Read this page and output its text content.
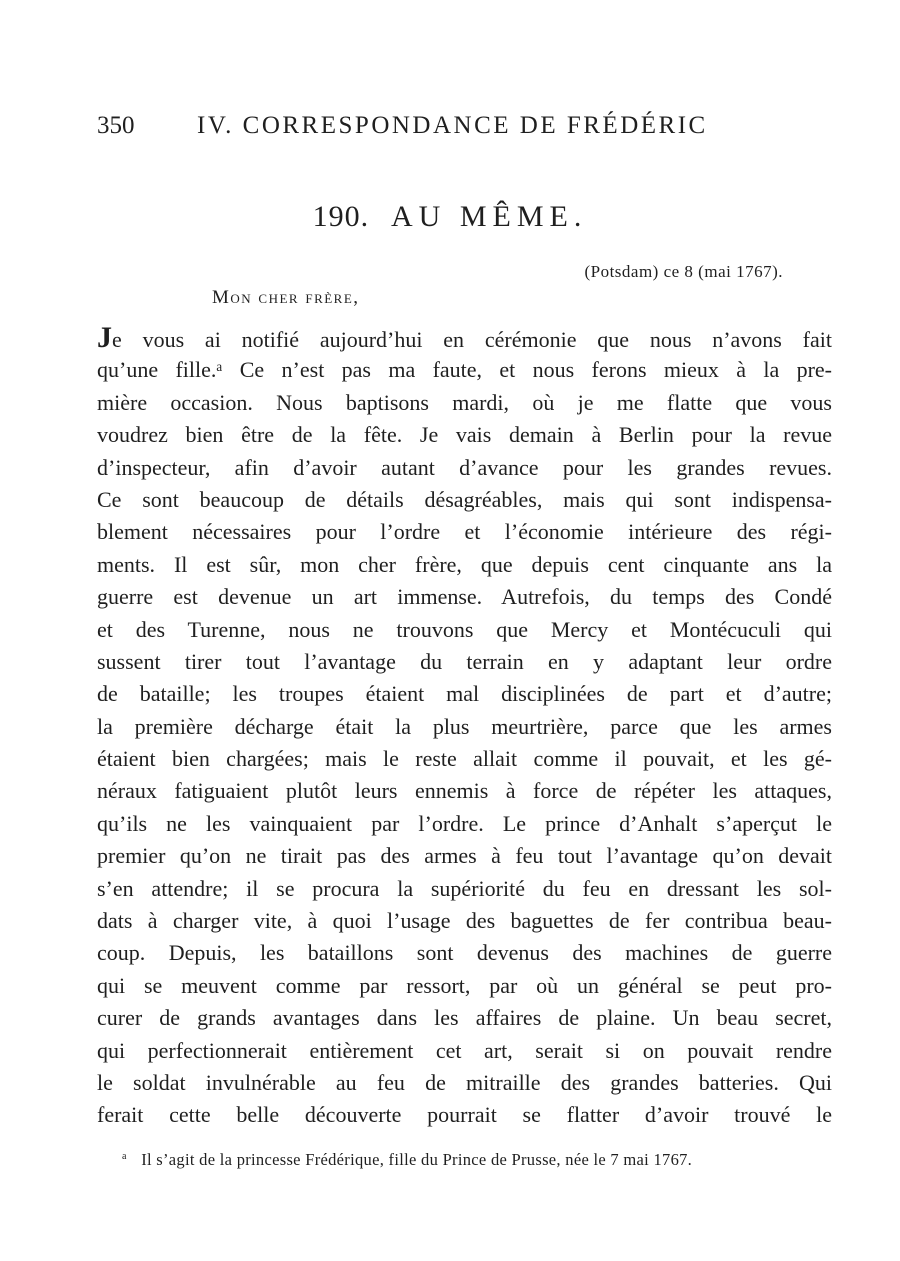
350	IV. CORRESPONDANCE DE FRÉDÉRIC
190. AU MÊME.
(Potsdam) ce 8 (mai 1767).
Mon cher frère,
Je vous ai notifié aujourd’hui en cérémonie que nous n’avons fait
qu’une fille.ᵃ Ce n’est pas ma faute, et nous ferons mieux à la pre-
mière occasion. Nous baptisons mardi, où je me flatte que vous
voudrez bien être de la fête. Je vais demain à Berlin pour la revue
d’inspecteur, afin d’avoir autant d’avance pour les grandes revues.
Ce sont beaucoup de détails désagréables, mais qui sont indispensa-
blement nécessaires pour l’ordre et l’économie intérieure des régi-
ments. Il est sûr, mon cher frère, que depuis cent cinquante ans la
guerre est devenue un art immense. Autrefois, du temps des Condé
et des Turenne, nous ne trouvons que Mercy et Montécuculi qui
sussent tirer tout l’avantage du terrain en y adaptant leur ordre
de bataille; les troupes étaient mal disciplinées de part et d’autre;
la première décharge était la plus meurtrière, parce que les armes
étaient bien chargées; mais le reste allait comme il pouvait, et les gé-
néraux fatiguaient plutôt leurs ennemis à force de répéter les attaques,
qu’ils ne les vainquaient par l’ordre. Le prince d’Anhalt s’aperçut le
premier qu’on ne tirait pas des armes à feu tout l’avantage qu’on devait
s’en attendre; il se procura la supériorité du feu en dressant les sol-
dats à charger vite, à quoi l’usage des baguettes de fer contribua beau-
coup. Depuis, les bataillons sont devenus des machines de guerre
qui se meuvent comme par ressort, par où un général se peut pro-
curer de grands avantages dans les affaires de plaine. Un beau secret,
qui perfectionnerait entièrement cet art, serait si on pouvait rendre
le soldat invulnérable au feu de mitraille des grandes batteries. Qui
ferait cette belle découverte pourrait se flatter d’avoir trouvé le
$^a$ Il s’agit de la princesse Frédérique, fille du Prince de Prusse, née le 7 mai 1767.
